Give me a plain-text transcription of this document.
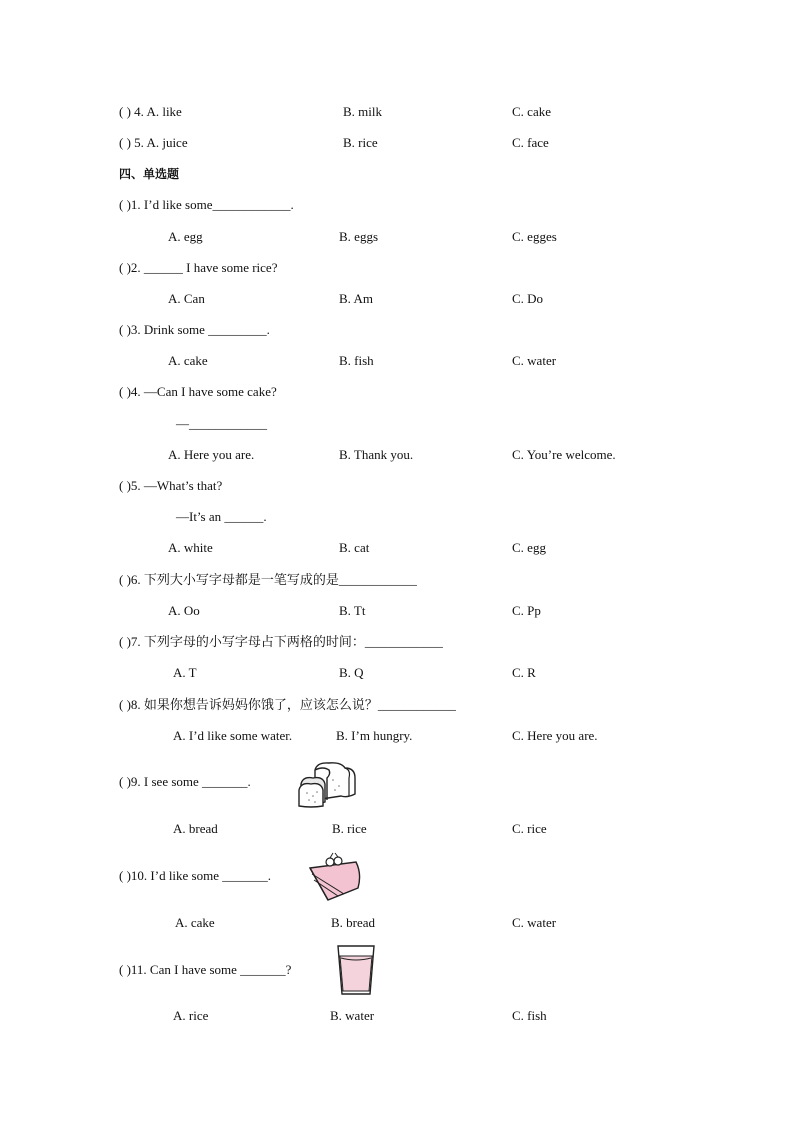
( ) 4. A. like	B. milk	C. cake
( ) 5. A. juice	B. rice	C. face
四、单选题
( )1. I’d like some____________.
A. egg	B. eggs	C. egges
( )2. ______ I have some rice?
A. Can	B. Am	C. Do
( )3. Drink some _________.
A. cake	B. fish	C. water
( )4. —Can I have some cake?
—____________
A. Here you are.	B. Thank you.	C. You’re welcome.
( )5. —What’s that?
—It’s an ______.
A. white	B. cat	C. egg
( )6. 下列大小写字母都是一笔写成的是____________
A. Oo	B. Tt	C. Pp
( )7. 下列字母的小写字母占下两格的时间：____________
A. T	B. Q	C. R
( )8. 如果你想告诉妈妈你饿了，应该怎么说？____________
A. I’d like some water.	B. I’m hungry.	C. Here you are.
( )9. I see some _______.
A. bread	B. rice	C. rice
( )10. I’d like some _______.
A. cake	B. bread	C. water
( )11. Can I have some _______?
A. rice	B. water	C. fish
